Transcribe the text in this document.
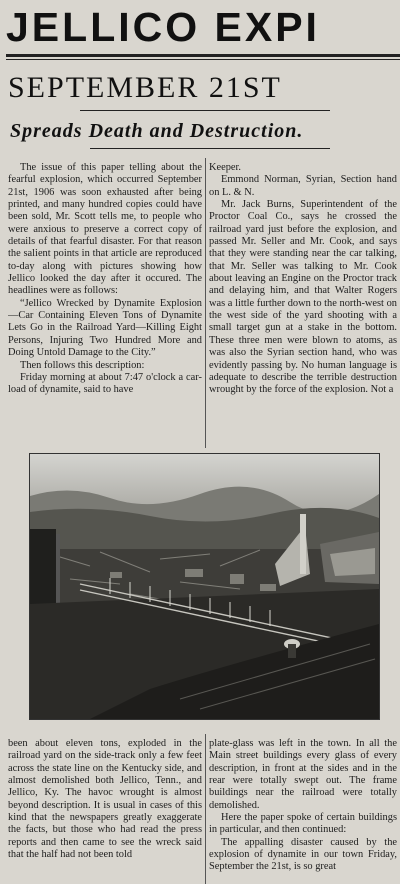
JELLICO EXPI
SEPTEMBER 21ST
Spreads Death and Destruction.

The issue of this paper telling about the fearful explosion, which occurred September 21st, 1906 was soon exhausted after being printed, and many hundred copies could have been sold, Mr. Scott tells me, to people who were anxious to preserve a correct copy of details of that fearful disaster. For that reason the salient points in that article are reproduced to-day along with pictures showing how Jellico looked the day after it occured. The headlines were as follows:

“Jellico Wrecked by Dynamite Explosion—Car Containing Eleven Tons of Dynamite Lets Go in the Railroad Yard—Killing Eight Persons, Injuring Two Hundred More and Doing Untold Damage to the City.”

Then follows this description:

Friday morning at about 7:47 o'clock a car-load of dynamite, said to have

Keeper.

Emmond Norman, Syrian, Section hand on L. & N.

Mr. Jack Burns, Superintendent of the Proctor Coal Co., says he crossed the railroad yard just before the explosion, and passed Mr. Seller and Mr. Cook, and says that they were standing near the car talking, that Mr. Seller was talking to Mr. Cook about leaving an Engine on the Proctor track and delaying him, and that Walter Rogers was a little further down to the north-west on the west side of the yard shooting with a small target gun at a stake in the bottom. These three men were blown to atoms, as was also the Syrian section hand, who was evidently passing by. No human language is adequate to describe the terrible destruction wrought by the force of the explosion. Not a

been about eleven tons, exploded in the railroad yard on the side-track only a few feet across the state line on the Kentucky side, and almost demolished both Jellico, Tenn., and Jellico, Ky. The havoc wrought is almost beyond description. It is usual in cases of this kind that the newspapers greatly exaggerate the facts, but those who had read the press reports and then came to see the wreck said that the half had not been told

plate-glass was left in the town. In all the Main street buildings every glass of every description, in front at the sides and in the rear were totally swept out. The frame buildings near the railroad were totally demolished.

Here the paper spoke of certain buildings in particular, and then continued:

The appalling disaster caused by the explosion of dynamite in our town Friday, September the 21st, is so great
